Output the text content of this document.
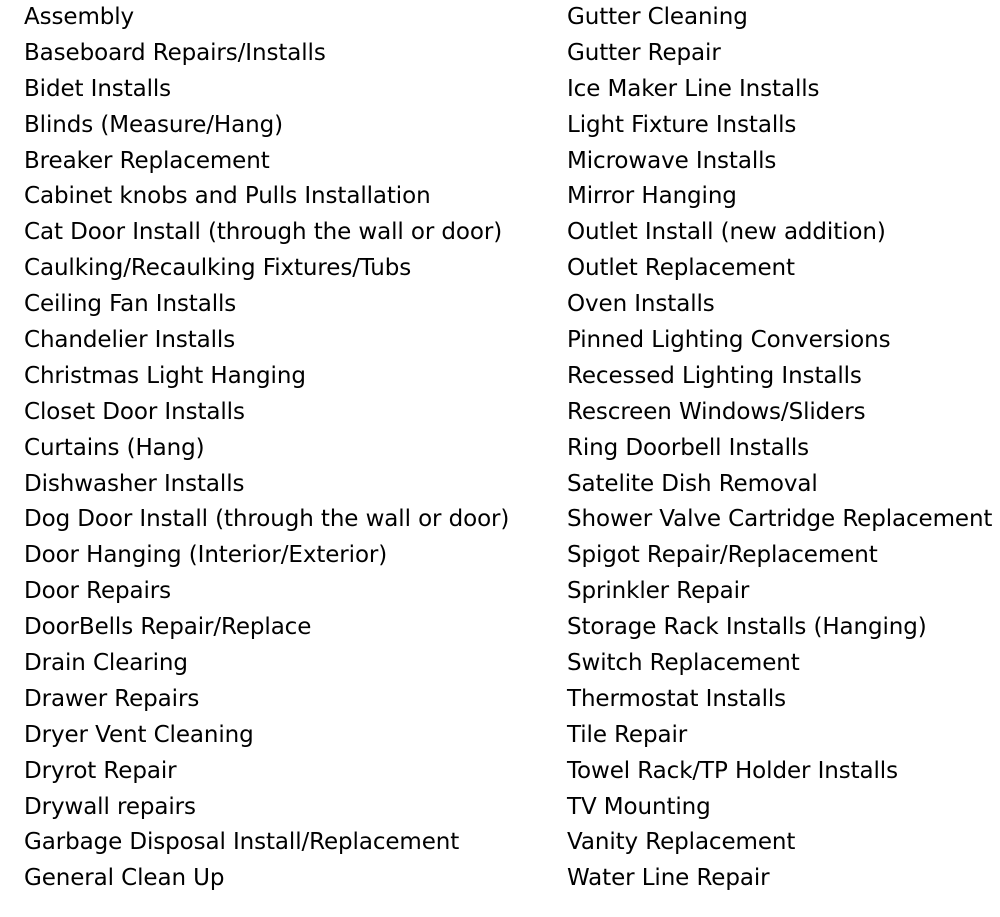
Assembly
Baseboard Repairs/Installs
Bidet Installs
Blinds (Measure/Hang)
Breaker Replacement
Cabinet knobs and Pulls Installation
Cat Door Install (through the wall or door)
Caulking/Recaulking Fixtures/Tubs
Ceiling Fan Installs
Chandelier Installs
Christmas Light Hanging
Closet Door Installs
Curtains (Hang)
Dishwasher Installs
Dog Door Install (through the wall or door)
Door Hanging (Interior/Exterior)
Door Repairs
DoorBells Repair/Replace
Drain Clearing
Drawer Repairs
Dryer Vent Cleaning
Dryrot Repair
Drywall repairs
Garbage Disposal Install/Replacement
General Clean Up
Gutter Cleaning
Gutter Repair
Ice Maker Line Installs
Light Fixture Installs
Microwave Installs
Mirror Hanging
Outlet Install (new addition)
Outlet Replacement
Oven Installs
Pinned Lighting Conversions
Recessed Lighting Installs
Rescreen Windows/Sliders
Ring Doorbell Installs
Satelite Dish Removal
Shower Valve Cartridge Replacement
Spigot Repair/Replacement
Sprinkler Repair
Storage Rack Installs (Hanging)
Switch Replacement
Thermostat Installs
Tile Repair
Towel Rack/TP Holder Installs
TV Mounting
Vanity Replacement
Water Line Repair
